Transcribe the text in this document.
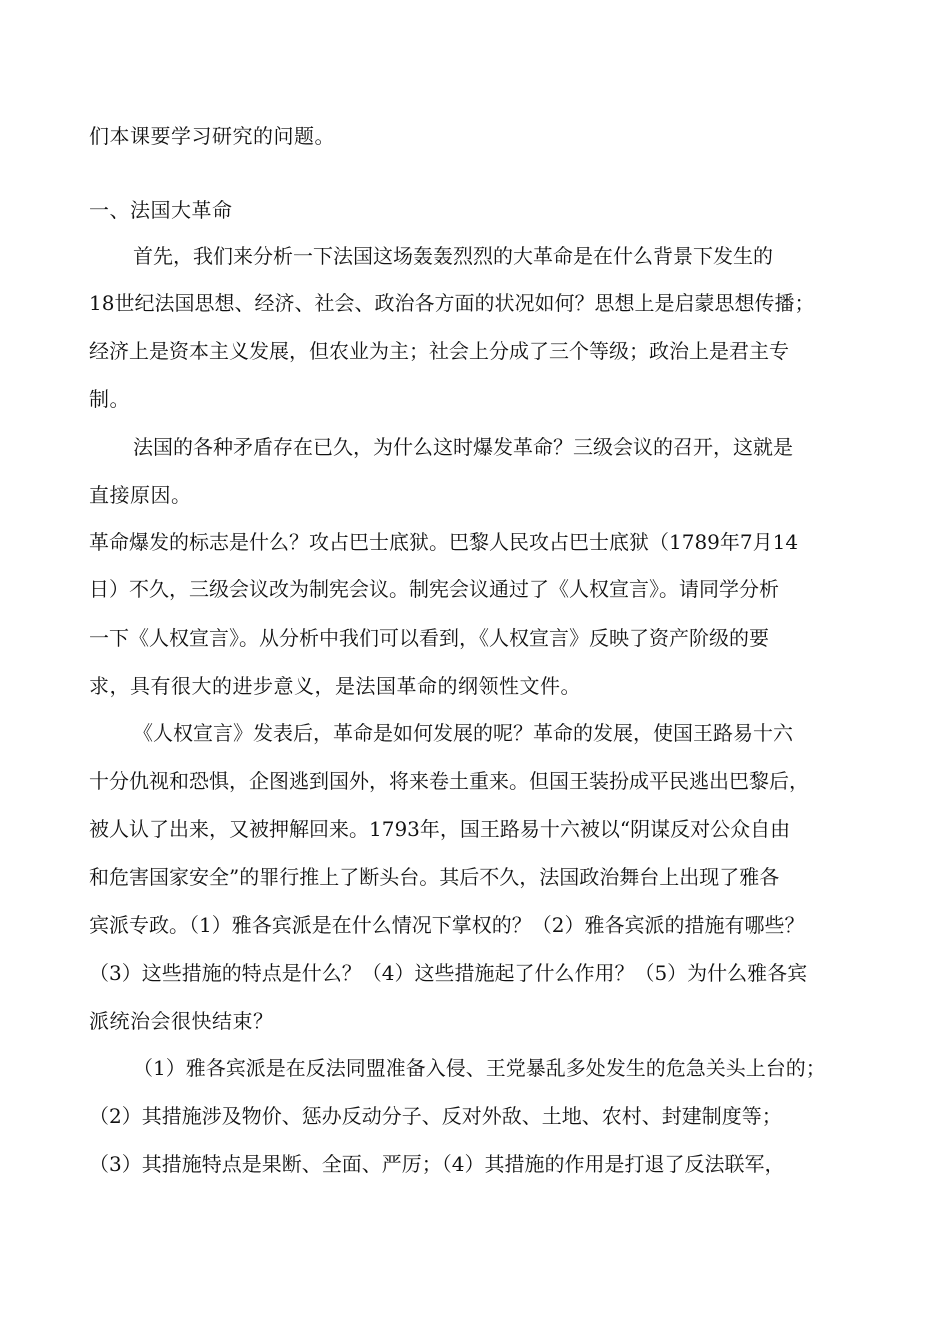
们本课要学习研究的问题。
一、法国大革命
首先，我们来分析一下法国这场轰轰烈烈的大革命是在什么背景下发生的
18世纪法国思想、经济、社会、政治各方面的状况如何？思想上是启蒙思想传播；
经济上是资本主义发展，但农业为主；社会上分成了三个等级；政治上是君主专
制。
法国的各种矛盾存在已久，为什么这时爆发革命？三级会议的召开，这就是
直接原因。
革命爆发的标志是什么？攻占巴士底狱。巴黎人民攻占巴士底狱（1789年7月14
日）不久，三级会议改为制宪会议。制宪会议通过了《人权宣言》。请同学分析
一下《人权宣言》。从分析中我们可以看到，《人权宣言》反映了资产阶级的要
求，具有很大的进步意义，是法国革命的纲领性文件。
《人权宣言》发表后，革命是如何发展的呢？革命的发展，使国王路易十六
十分仇视和恐惧，企图逃到国外，将来卷土重来。但国王装扮成平民逃出巴黎后，
被人认了出来，又被押解回来。1793年，国王路易十六被以“阴谋反对公众自由
和危害国家安全”的罪行推上了断头台。其后不久，法国政治舞台上出现了雅各
宾派专政。（1）雅各宾派是在什么情况下掌权的？（2）雅各宾派的措施有哪些？
（3）这些措施的特点是什么？（4）这些措施起了什么作用？（5）为什么雅各宾
派统治会很快结束？
（1）雅各宾派是在反法同盟准备入侵、王党暴乱多处发生的危急关头上台的；
（2）其措施涉及物价、惩办反动分子、反对外敌、土地、农村、封建制度等；
（3）其措施特点是果断、全面、严厉；（4）其措施的作用是打退了反法联军，
